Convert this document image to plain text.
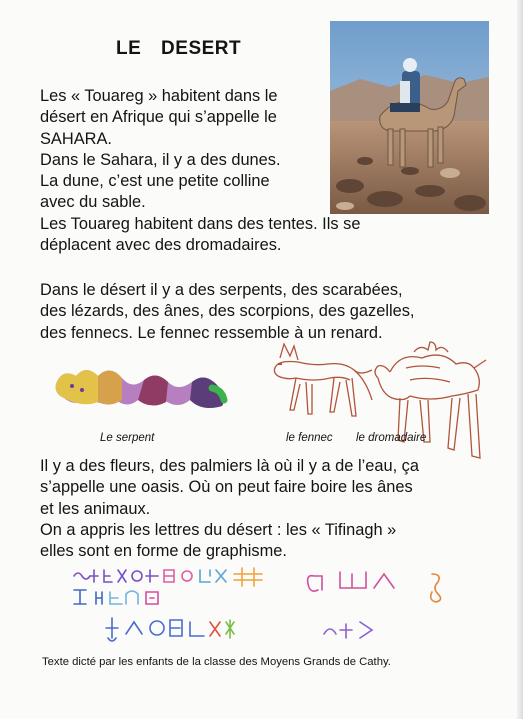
LE DESERT
Les « Touareg » habitent dans le
désert en Afrique qui s’appelle le
SAHARA.
Dans le Sahara, il y a des dunes.
La dune, c’est une petite colline
avec du sable.
Les Touareg habitent dans des tentes. Ils se
déplacent avec des dromadaires.
Dans le désert il y a des serpents, des scarabées,
des lézards, des ânes, des scorpions, des gazelles,
des fennecs. Le fennec ressemble à un renard.
Le serpent	le fennec le dromadaire
Il y a des fleurs, des palmiers là où il y a de l’eau, ça
s’appelle une oasis. Où on peut faire boire les ânes
et les animaux.
On a appris les lettres du désert : les « Tifinagh »
elles sont en forme de graphisme.
Texte dicté par les enfants de la classe des Moyens Grands de Cathy.
